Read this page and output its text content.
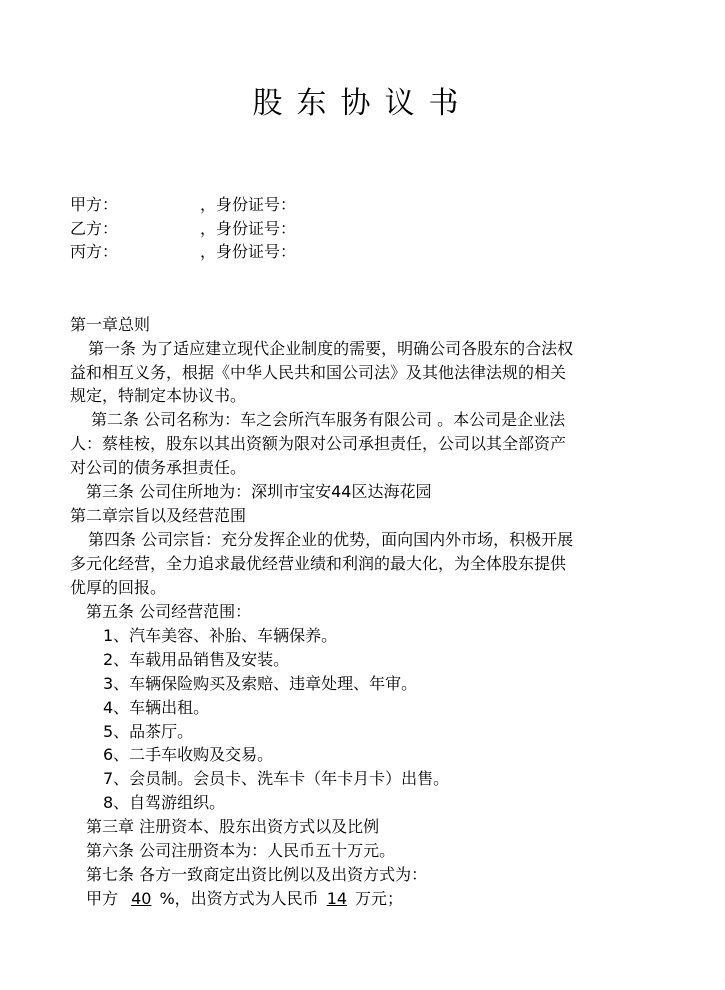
股东协议书
甲方：	，身份证号：
乙方：	，身份证号：
丙方：	，身份证号：
第一章总则
第一条 为了适应建立现代企业制度的需要，明确公司各股东的合法权
益和相互义务，根据《中华人民共和国公司法》及其他法律法规的相关
规定，特制定本协议书。
第二条 公司名称为：车之会所汽车服务有限公司 。本公司是企业法
人：蔡桂桉，股东以其出资额为限对公司承担责任，公司以其全部资产
对公司的债务承担责任。
第三条 公司住所地为：深圳市宝安44区达海花园
第二章宗旨以及经营范围
第四条 公司宗旨：充分发挥企业的优势，面向国内外市场，积极开展
多元化经营，全力追求最优经营业绩和利润的最大化，为全体股东提供
优厚的回报。
第五条 公司经营范围：
1、汽车美容、补胎、车辆保养。
2、车载用品销售及安装。
3、车辆保险购买及索赔、违章处理、年审。
4、车辆出租。
5、品茶厅。
6、二手车收购及交易。
7、会员制。会员卡、洗车卡（年卡月卡）出售。
8、自驾游组织。
第三章 注册资本、股东出资方式以及比例
第六条 公司注册资本为：人民币五十万元。
第七条 各方一致商定出资比例以及出资方式为：
甲方 40 %，出资方式为人民币 14 万元；
